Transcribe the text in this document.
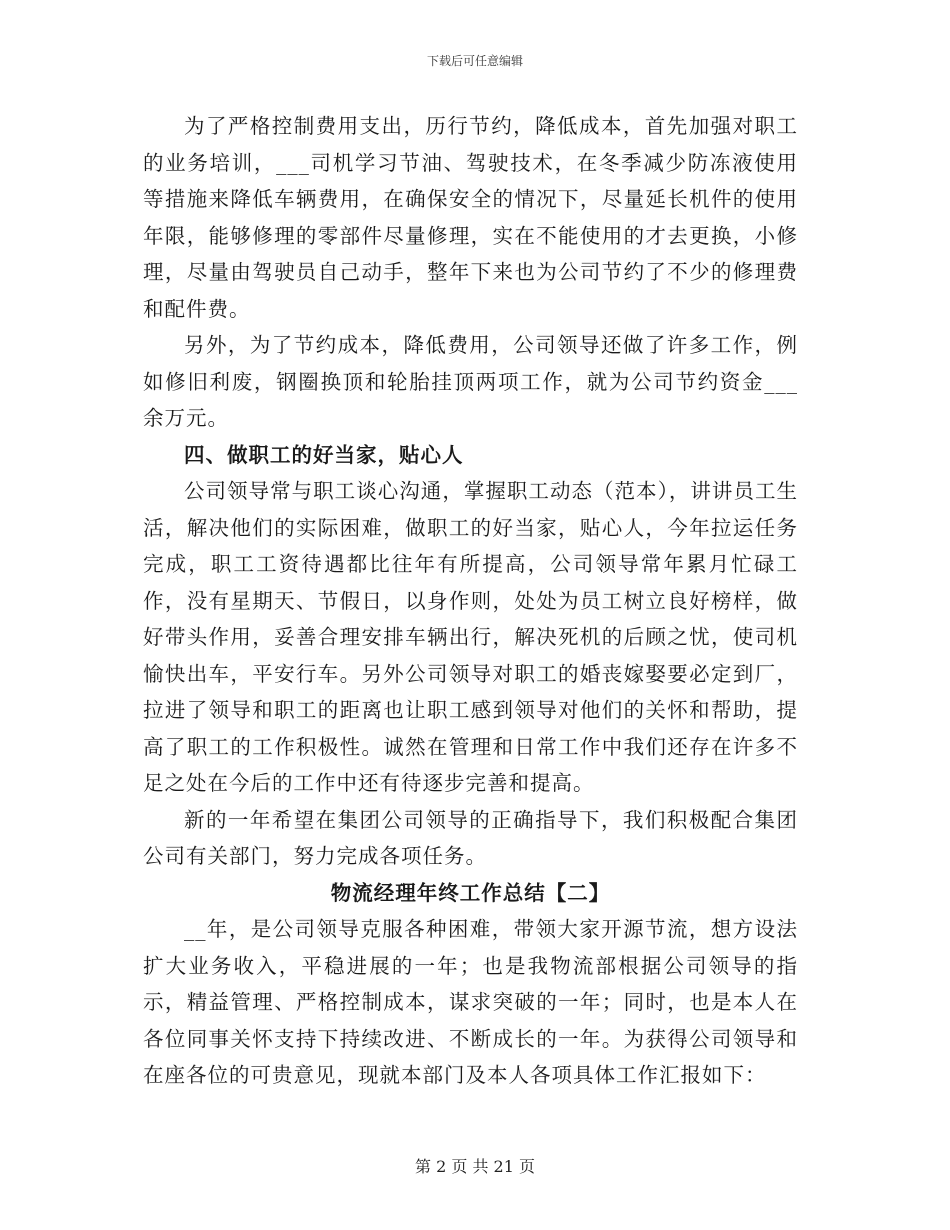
下载后可任意编辑

为了严格控制费用支出，历行节约，降低成本，首先加强对职工的业务培训，___司机学习节油、驾驶技术，在冬季减少防冻液使用等措施来降低车辆费用，在确保安全的情况下，尽量延长机件的使用年限，能够修理的零部件尽量修理，实在不能使用的才去更换，小修理，尽量由驾驶员自己动手，整年下来也为公司节约了不少的修理费和配件费。

另外，为了节约成本，降低费用，公司领导还做了许多工作，例如修旧利废，钢圈换顶和轮胎挂顶两项工作，就为公司节约资金___余万元。

四、做职工的好当家，贴心人

公司领导常与职工谈心沟通，掌握职工动态（范本），讲讲员工生活，解决他们的实际困难，做职工的好当家，贴心人，今年拉运任务完成，职工工资待遇都比往年有所提高，公司领导常年累月忙碌工作，没有星期天、节假日，以身作则，处处为员工树立良好榜样，做好带头作用，妥善合理安排车辆出行，解决死机的后顾之忧，使司机愉快出车，平安行车。另外公司领导对职工的婚丧嫁娶要必定到厂，拉进了领导和职工的距离也让职工感到领导对他们的关怀和帮助，提高了职工的工作积极性。诚然在管理和日常工作中我们还存在许多不足之处在今后的工作中还有待逐步完善和提高。

新的一年希望在集团公司领导的正确指导下，我们积极配合集团公司有关部门，努力完成各项任务。

物流经理年终工作总结【二】

__年，是公司领导克服各种困难，带领大家开源节流，想方设法扩大业务收入，平稳进展的一年；也是我物流部根据公司领导的指示，精益管理、严格控制成本，谋求突破的一年；同时，也是本人在各位同事关怀支持下持续改进、不断成长的一年。为获得公司领导和在座各位的可贵意见，现就本部门及本人各项具体工作汇报如下：

第 2 页 共 21 页
